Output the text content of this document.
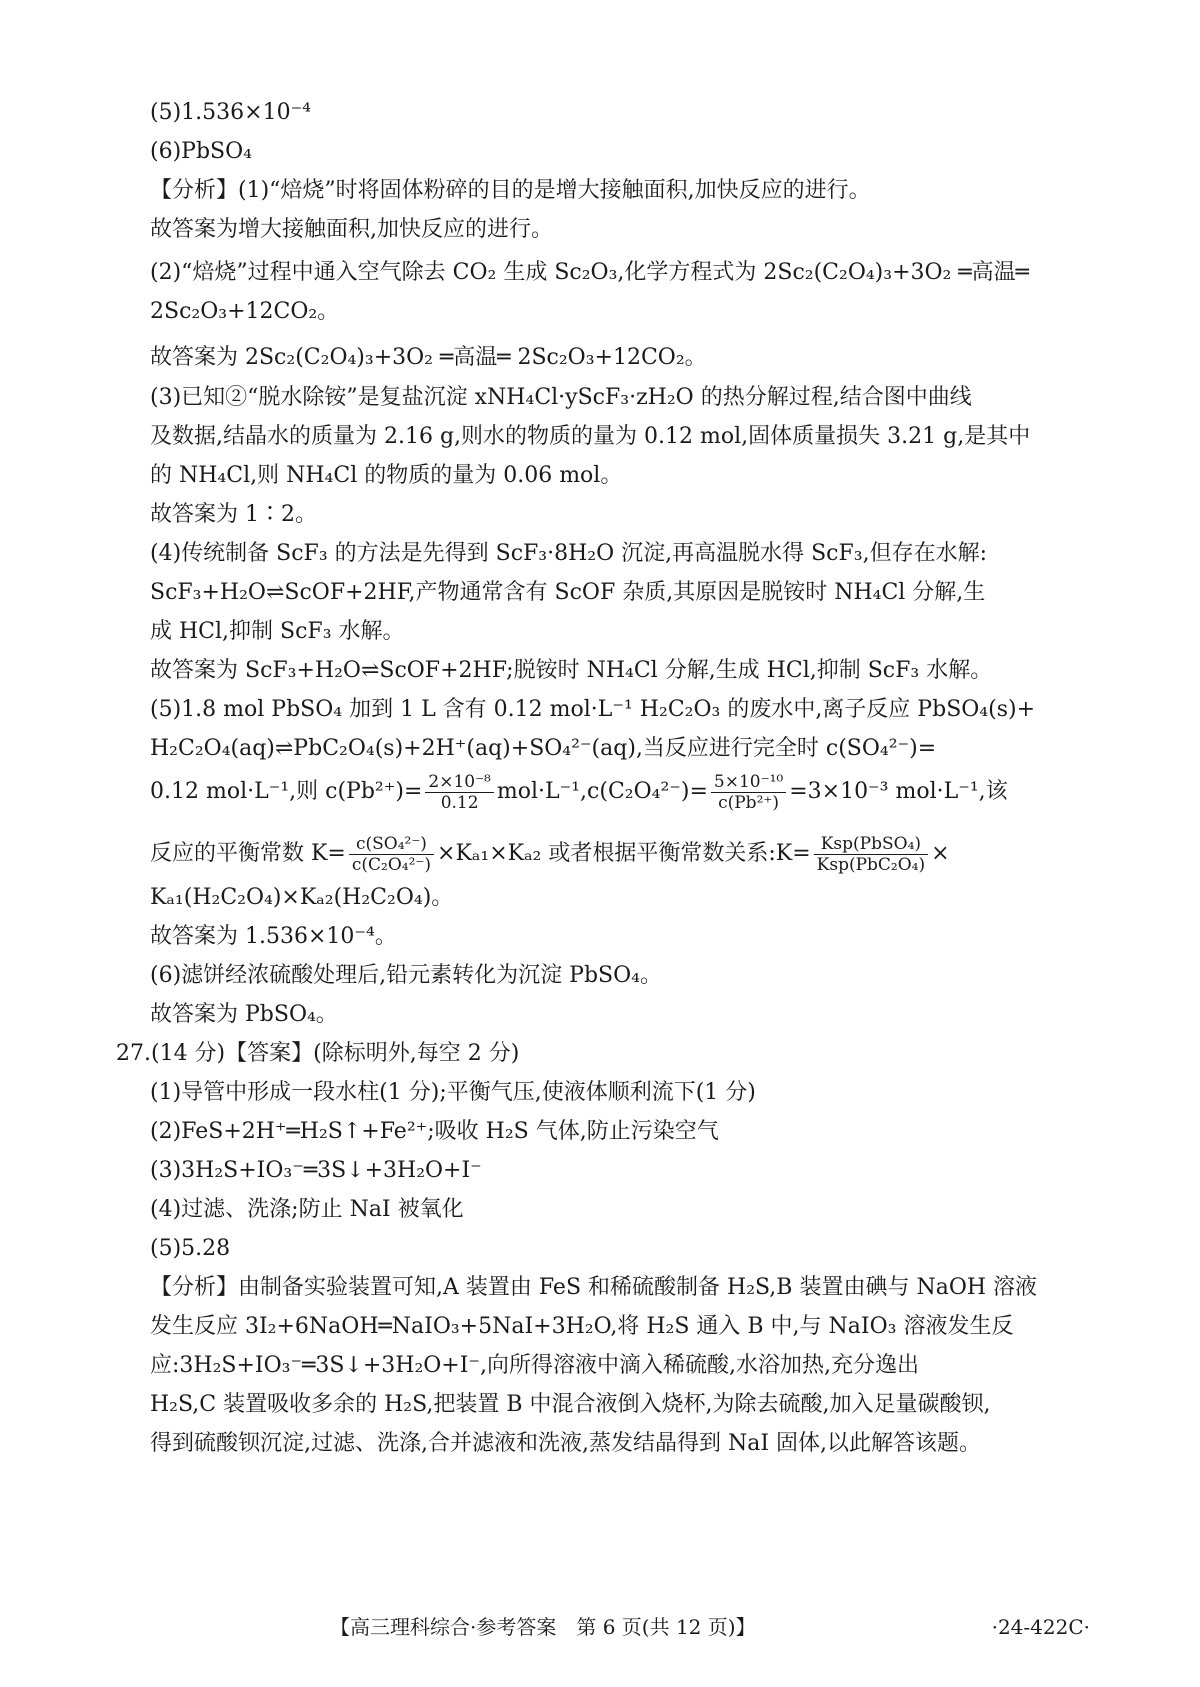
(5)1.536×10⁻⁴
(6)PbSO₄
【分析】(1)“焙烧”时将固体粉碎的目的是增大接触面积,加快反应的进行。
故答案为增大接触面积,加快反应的进行。
(2)“焙烧”过程中通入空气除去 CO₂ 生成 Sc₂O₃,化学方程式为 2Sc₂(C₂O₄)₃+3O₂ ═高温═
2Sc₂O₃+12CO₂。
故答案为 2Sc₂(C₂O₄)₃+3O₂ ═高温═ 2Sc₂O₃+12CO₂。
(3)已知②“脱水除铵”是复盐沉淀 xNH₄Cl·yScF₃·zH₂O 的热分解过程,结合图中曲线
及数据,结晶水的质量为 2.16 g,则水的物质的量为 0.12 mol,固体质量损失 3.21 g,是其中
的 NH₄Cl,则 NH₄Cl 的物质的量为 0.06 mol。
故答案为 1∶2。
(4)传统制备 ScF₃ 的方法是先得到 ScF₃·8H₂O 沉淀,再高温脱水得 ScF₃,但存在水解:
ScF₃+H₂O⇌ScOF+2HF,产物通常含有 ScOF 杂质,其原因是脱铵时 NH₄Cl 分解,生
成 HCl,抑制 ScF₃ 水解。
故答案为 ScF₃+H₂O⇌ScOF+2HF;脱铵时 NH₄Cl 分解,生成 HCl,抑制 ScF₃ 水解。
(5)1.8 mol PbSO₄ 加到 1 L 含有 0.12 mol·L⁻¹ H₂C₂O₃ 的废水中,离子反应 PbSO₄(s)+
H₂C₂O₄(aq)⇌PbC₂O₄(s)+2H⁺(aq)+SO₄²⁻(aq),当反应进行完全时 c(SO₄²⁻)=
0.12 mol·L⁻¹,则 $c(Pb^{2+})= \frac{\text{2×10⁻⁸}}{0.12} mol\cdot L^{-1},c(C_2O_4^{2-})= \frac{\text{5×10⁻¹⁰}}{\text{c(Pb²⁺)}} =3\times 10^{-3}$ mol·L⁻¹,该
反应的平衡常数 $K= \frac{\text{c(SO₄²⁻)}}{\text{c(C₂O₄²⁻)}} \times K_{a1}\times K_{a2}$ 或者根据平衡常数关系:K= $\frac{\text{Ksp(PbSO₄)}}{\text{Ksp(PbC₂O₄)}}$ ×
Kₐ₁(H₂C₂O₄)×Kₐ₂(H₂C₂O₄)。
故答案为 1.536×10⁻⁴。
(6)滤饼经浓硫酸处理后,铅元素转化为沉淀 PbSO₄。
故答案为 PbSO₄。
27.(14 分)【答案】(除标明外,每空 2 分)
(1)导管中形成一段水柱(1 分);平衡气压,使液体顺利流下(1 分)
(2)FeS+2H⁺═H₂S↑+Fe²⁺;吸收 H₂S 气体,防止污染空气
(3)3H₂S+IO₃⁻═3S↓+3H₂O+I⁻
(4)过滤、洗涤;防止 NaI 被氧化
(5)5.28
【分析】由制备实验装置可知,A 装置由 FeS 和稀硫酸制备 H₂S,B 装置由碘与 NaOH 溶液
发生反应 3I₂+6NaOH═NaIO₃+5NaI+3H₂O,将 H₂S 通入 B 中,与 NaIO₃ 溶液发生反
应:3H₂S+IO₃⁻═3S↓+3H₂O+I⁻,向所得溶液中滴入稀硫酸,水浴加热,充分逸出
H₂S,C 装置吸收多余的 H₂S,把装置 B 中混合液倒入烧杯,为除去硫酸,加入足量碳酸钡,
得到硫酸钡沉淀,过滤、洗涤,合并滤液和洗液,蒸发结晶得到 NaI 固体,以此解答该题。
【高三理科综合·参考答案　第 6 页(共 12 页)】	·24-422C·
